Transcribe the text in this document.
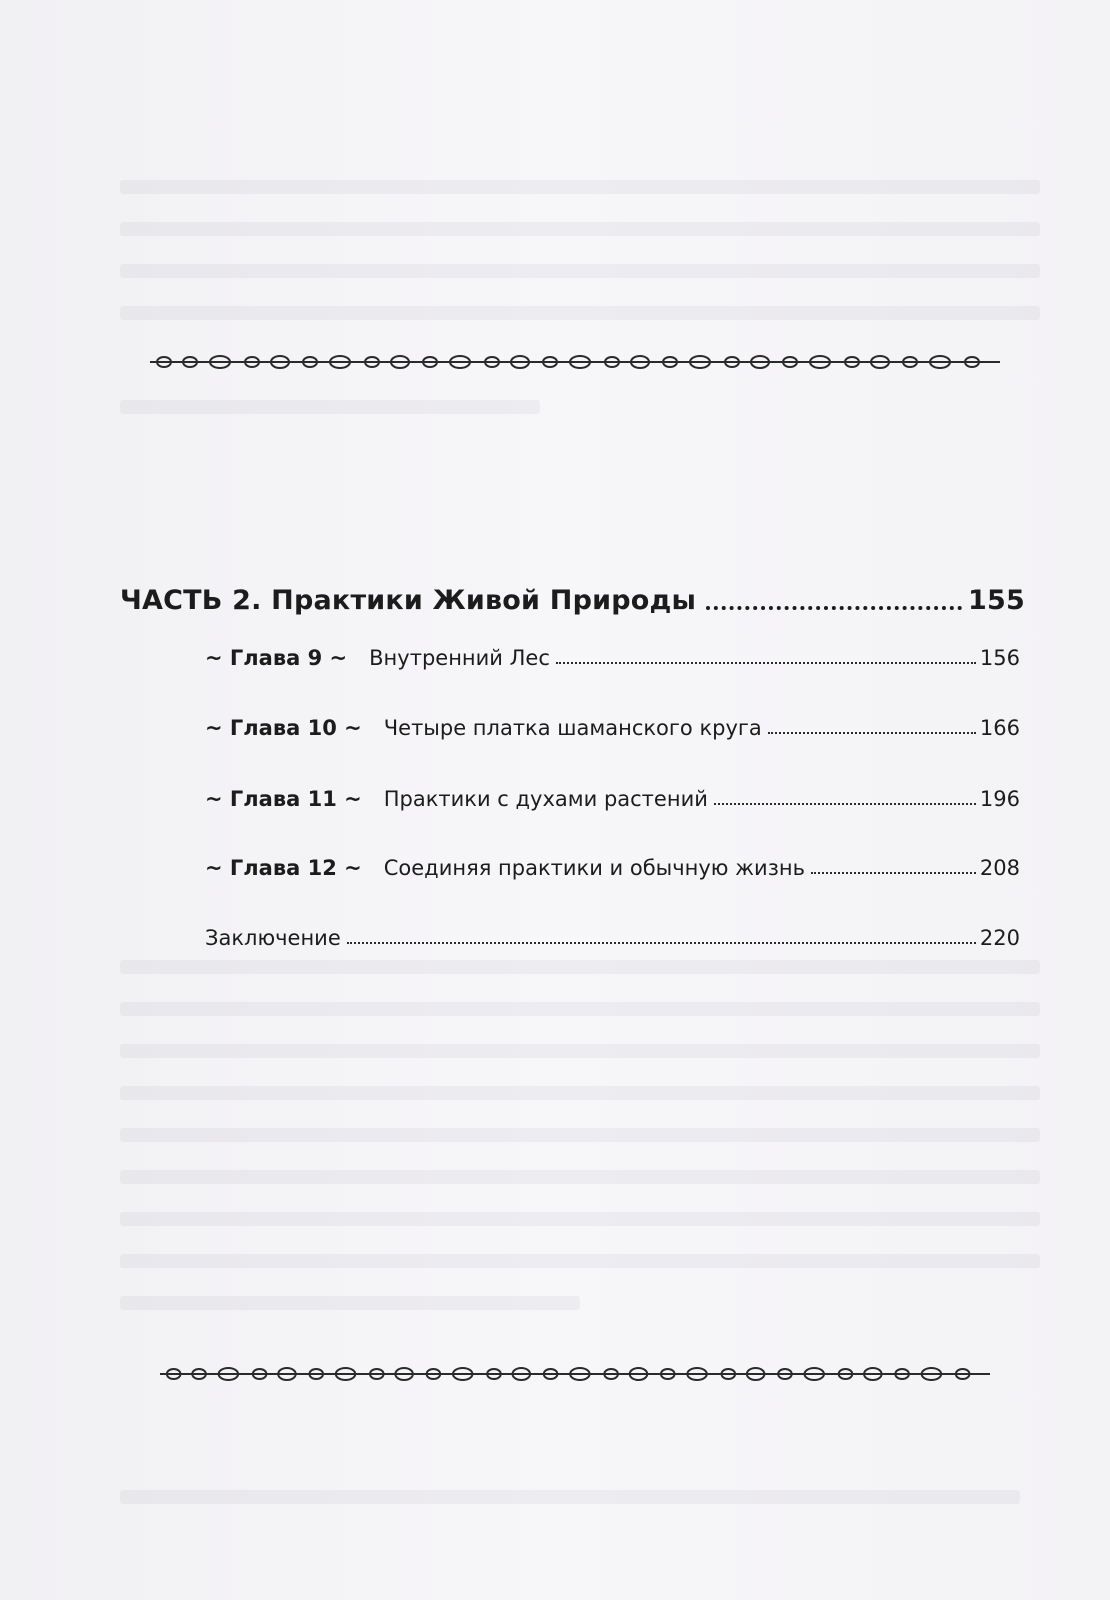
ЧАСТЬ 2. Практики Живой Природы	155
~ Глава 9 ~ Внутренний Лес	156
~ Глава 10 ~ Четыре платка шаманского круга	166
~ Глава 11 ~ Практики с духами растений	196
~ Глава 12 ~ Соединяя практики и обычную жизнь	208
Заключение	220
